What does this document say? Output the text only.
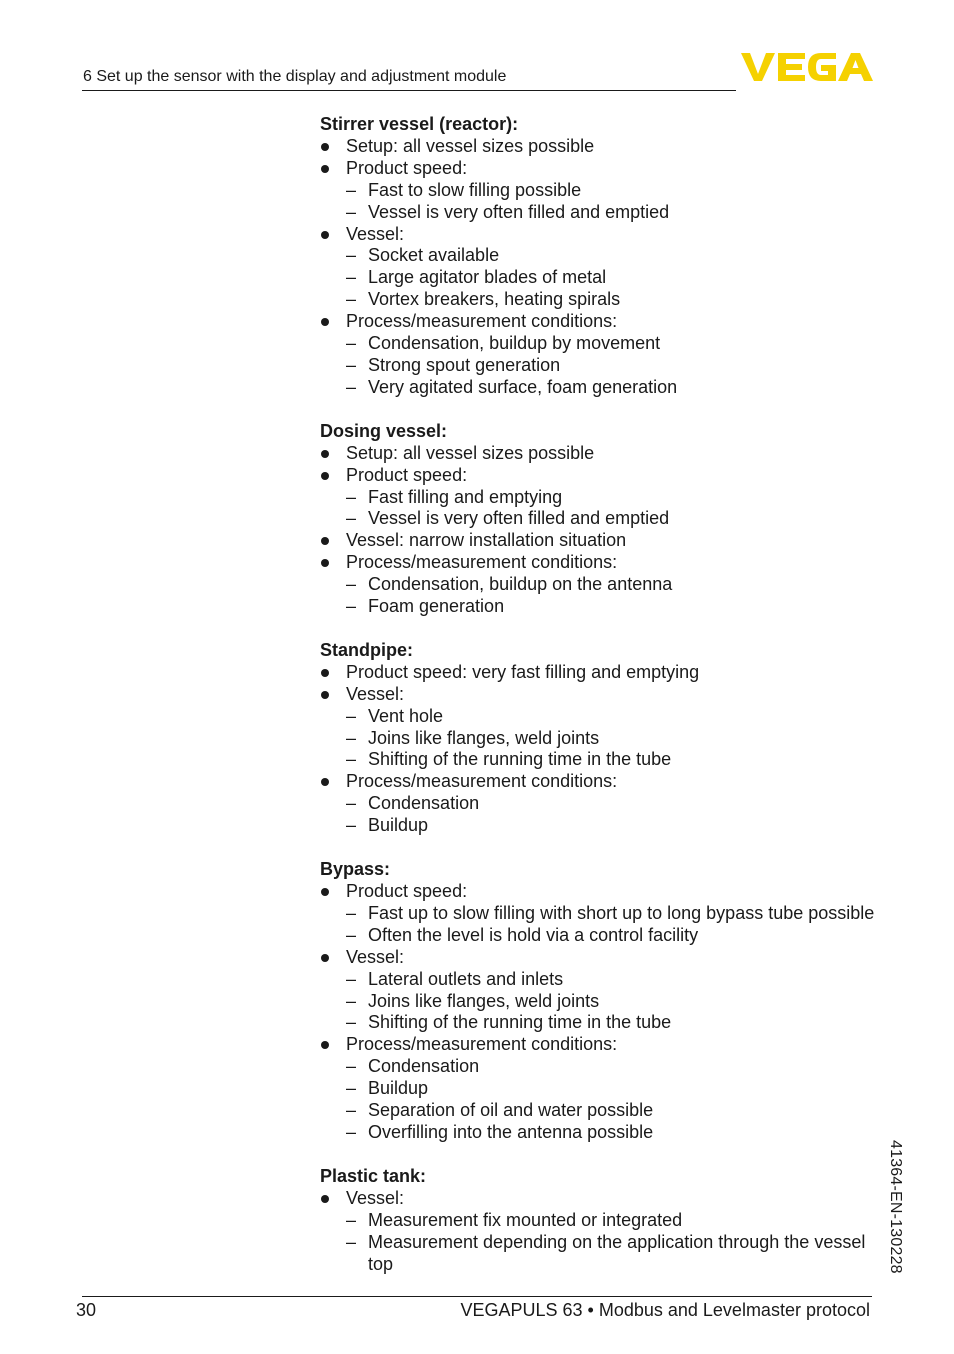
6 Set up the sensor with the display and adjustment module
Stirrer vessel (reactor):
Setup: all vessel sizes possible
Product speed:
– Fast to slow filling possible
– Vessel is very often filled and emptied
Vessel:
– Socket available
– Large agitator blades of metal
– Vortex breakers, heating spirals
Process/measurement conditions:
– Condensation, buildup by movement
– Strong spout generation
– Very agitated surface, foam generation
Dosing vessel:
Setup: all vessel sizes possible
Product speed:
– Fast filling and emptying
– Vessel is very often filled and emptied
Vessel: narrow installation situation
Process/measurement conditions:
– Condensation, buildup on the antenna
– Foam generation
Standpipe:
Product speed: very fast filling and emptying
Vessel:
– Vent hole
– Joins like flanges, weld joints
– Shifting of the running time in the tube
Process/measurement conditions:
– Condensation
– Buildup
Bypass:
Product speed:
– Fast up to slow filling with short up to long bypass tube possible
– Often the level is hold via a control facility
Vessel:
– Lateral outlets and inlets
– Joins like flanges, weld joints
– Shifting of the running time in the tube
Process/measurement conditions:
– Condensation
– Buildup
– Separation of oil and water possible
– Overfilling into the antenna possible
Plastic tank:
Vessel:
– Measurement fix mounted or integrated
– Measurement depending on the application through the vessel top	41364-EN-130228
30	VEGAPULS 63 • Modbus and Levelmaster protocol
